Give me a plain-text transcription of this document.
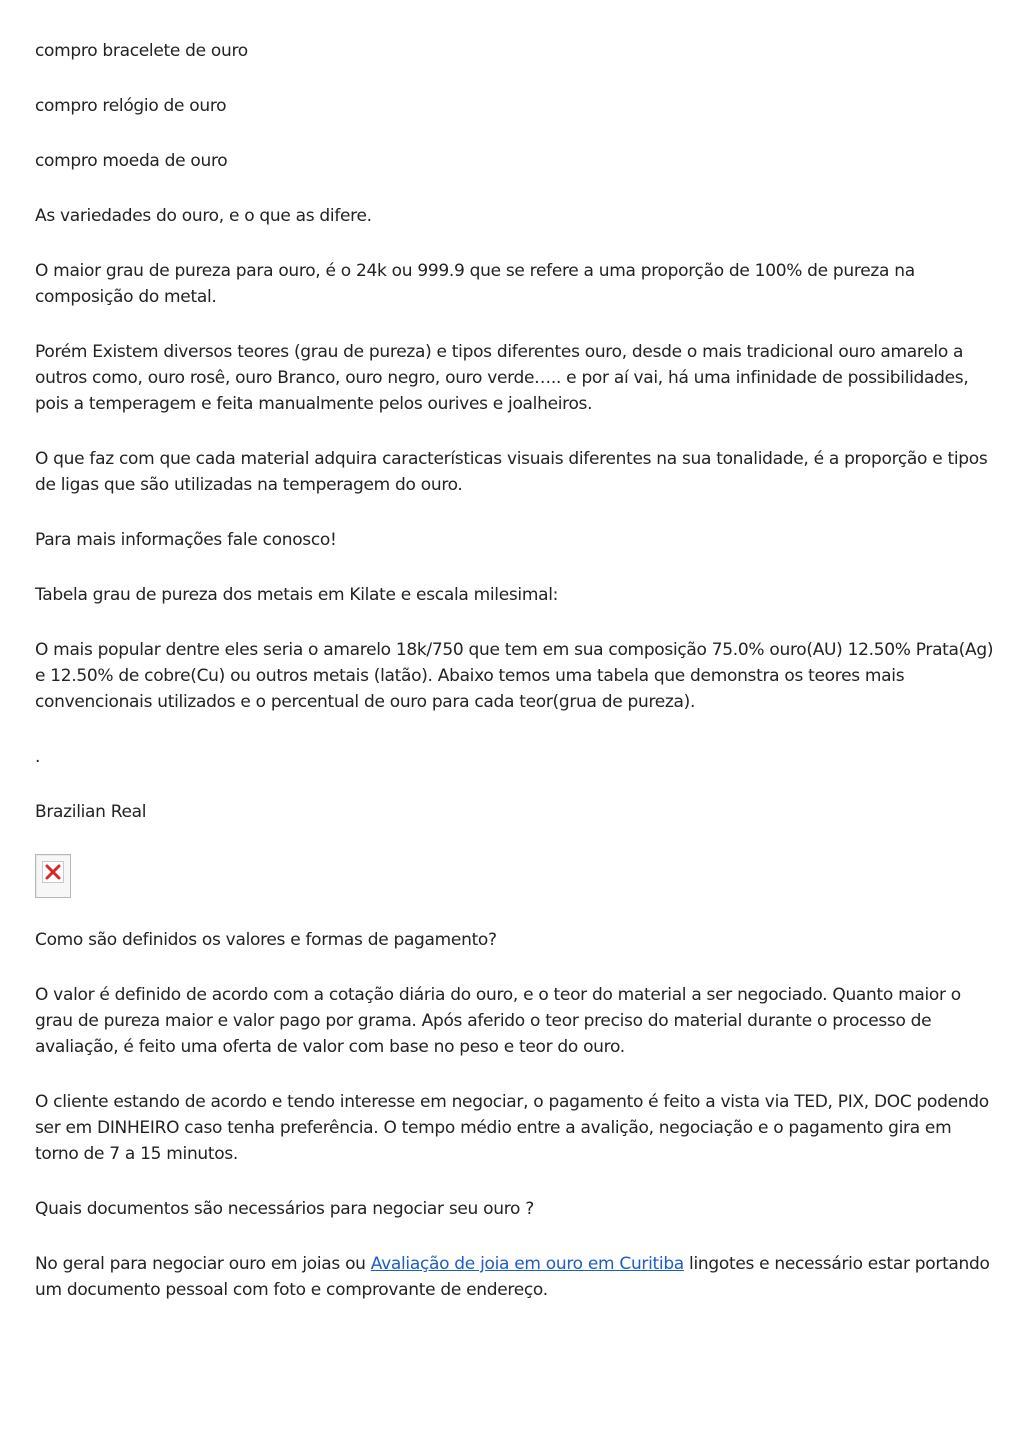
compro bracelete de ouro

compro relógio de ouro

compro moeda de ouro

As variedades do ouro, e o que as difere.

O maior grau de pureza para ouro, é o 24k ou 999.9 que se refere a uma proporção de 100% de pureza na composição do metal.

Porém Existem diversos teores (grau de pureza) e tipos diferentes ouro, desde o mais tradicional ouro amarelo a outros como, ouro rosê, ouro Branco, ouro negro, ouro verde….. e por aí vai, há uma infinidade de possibilidades, pois a temperagem e feita manualmente pelos ourives e joalheiros.

O que faz com que cada material adquira características visuais diferentes na sua tonalidade, é a proporção e tipos de ligas que são utilizadas na temperagem do ouro.

Para mais informações fale conosco!

Tabela grau de pureza dos metais em Kilate e escala milesimal:

O mais popular dentre eles seria o amarelo 18k/750 que tem em sua composição 75.0% ouro(AU) 12.50% Prata(Ag) e 12.50% de cobre(Cu) ou outros metais (latão). Abaixo temos uma tabela que demonstra os teores mais convencionais utilizados e o percentual de ouro para cada teor(grua de pureza).

.

Brazilian Real

Como são definidos os valores e formas de pagamento?

O valor é definido de acordo com a cotação diária do ouro, e o teor do material a ser negociado. Quanto maior o grau de pureza maior e valor pago por grama. Após aferido o teor preciso do material durante o processo de avaliação, é feito uma oferta de valor com base no peso e teor do ouro.

O cliente estando de acordo e tendo interesse em negociar, o pagamento é feito a vista via TED, PIX, DOC podendo ser em DINHEIRO caso tenha preferência. O tempo médio entre a avalição, negociação e o pagamento gira em torno de 7 a 15 minutos.

Quais documentos são necessários para negociar seu ouro ?

No geral para negociar ouro em joias ou Avaliação de joia em ouro em Curitiba lingotes e necessário estar portando um documento pessoal com foto e comprovante de endereço.
